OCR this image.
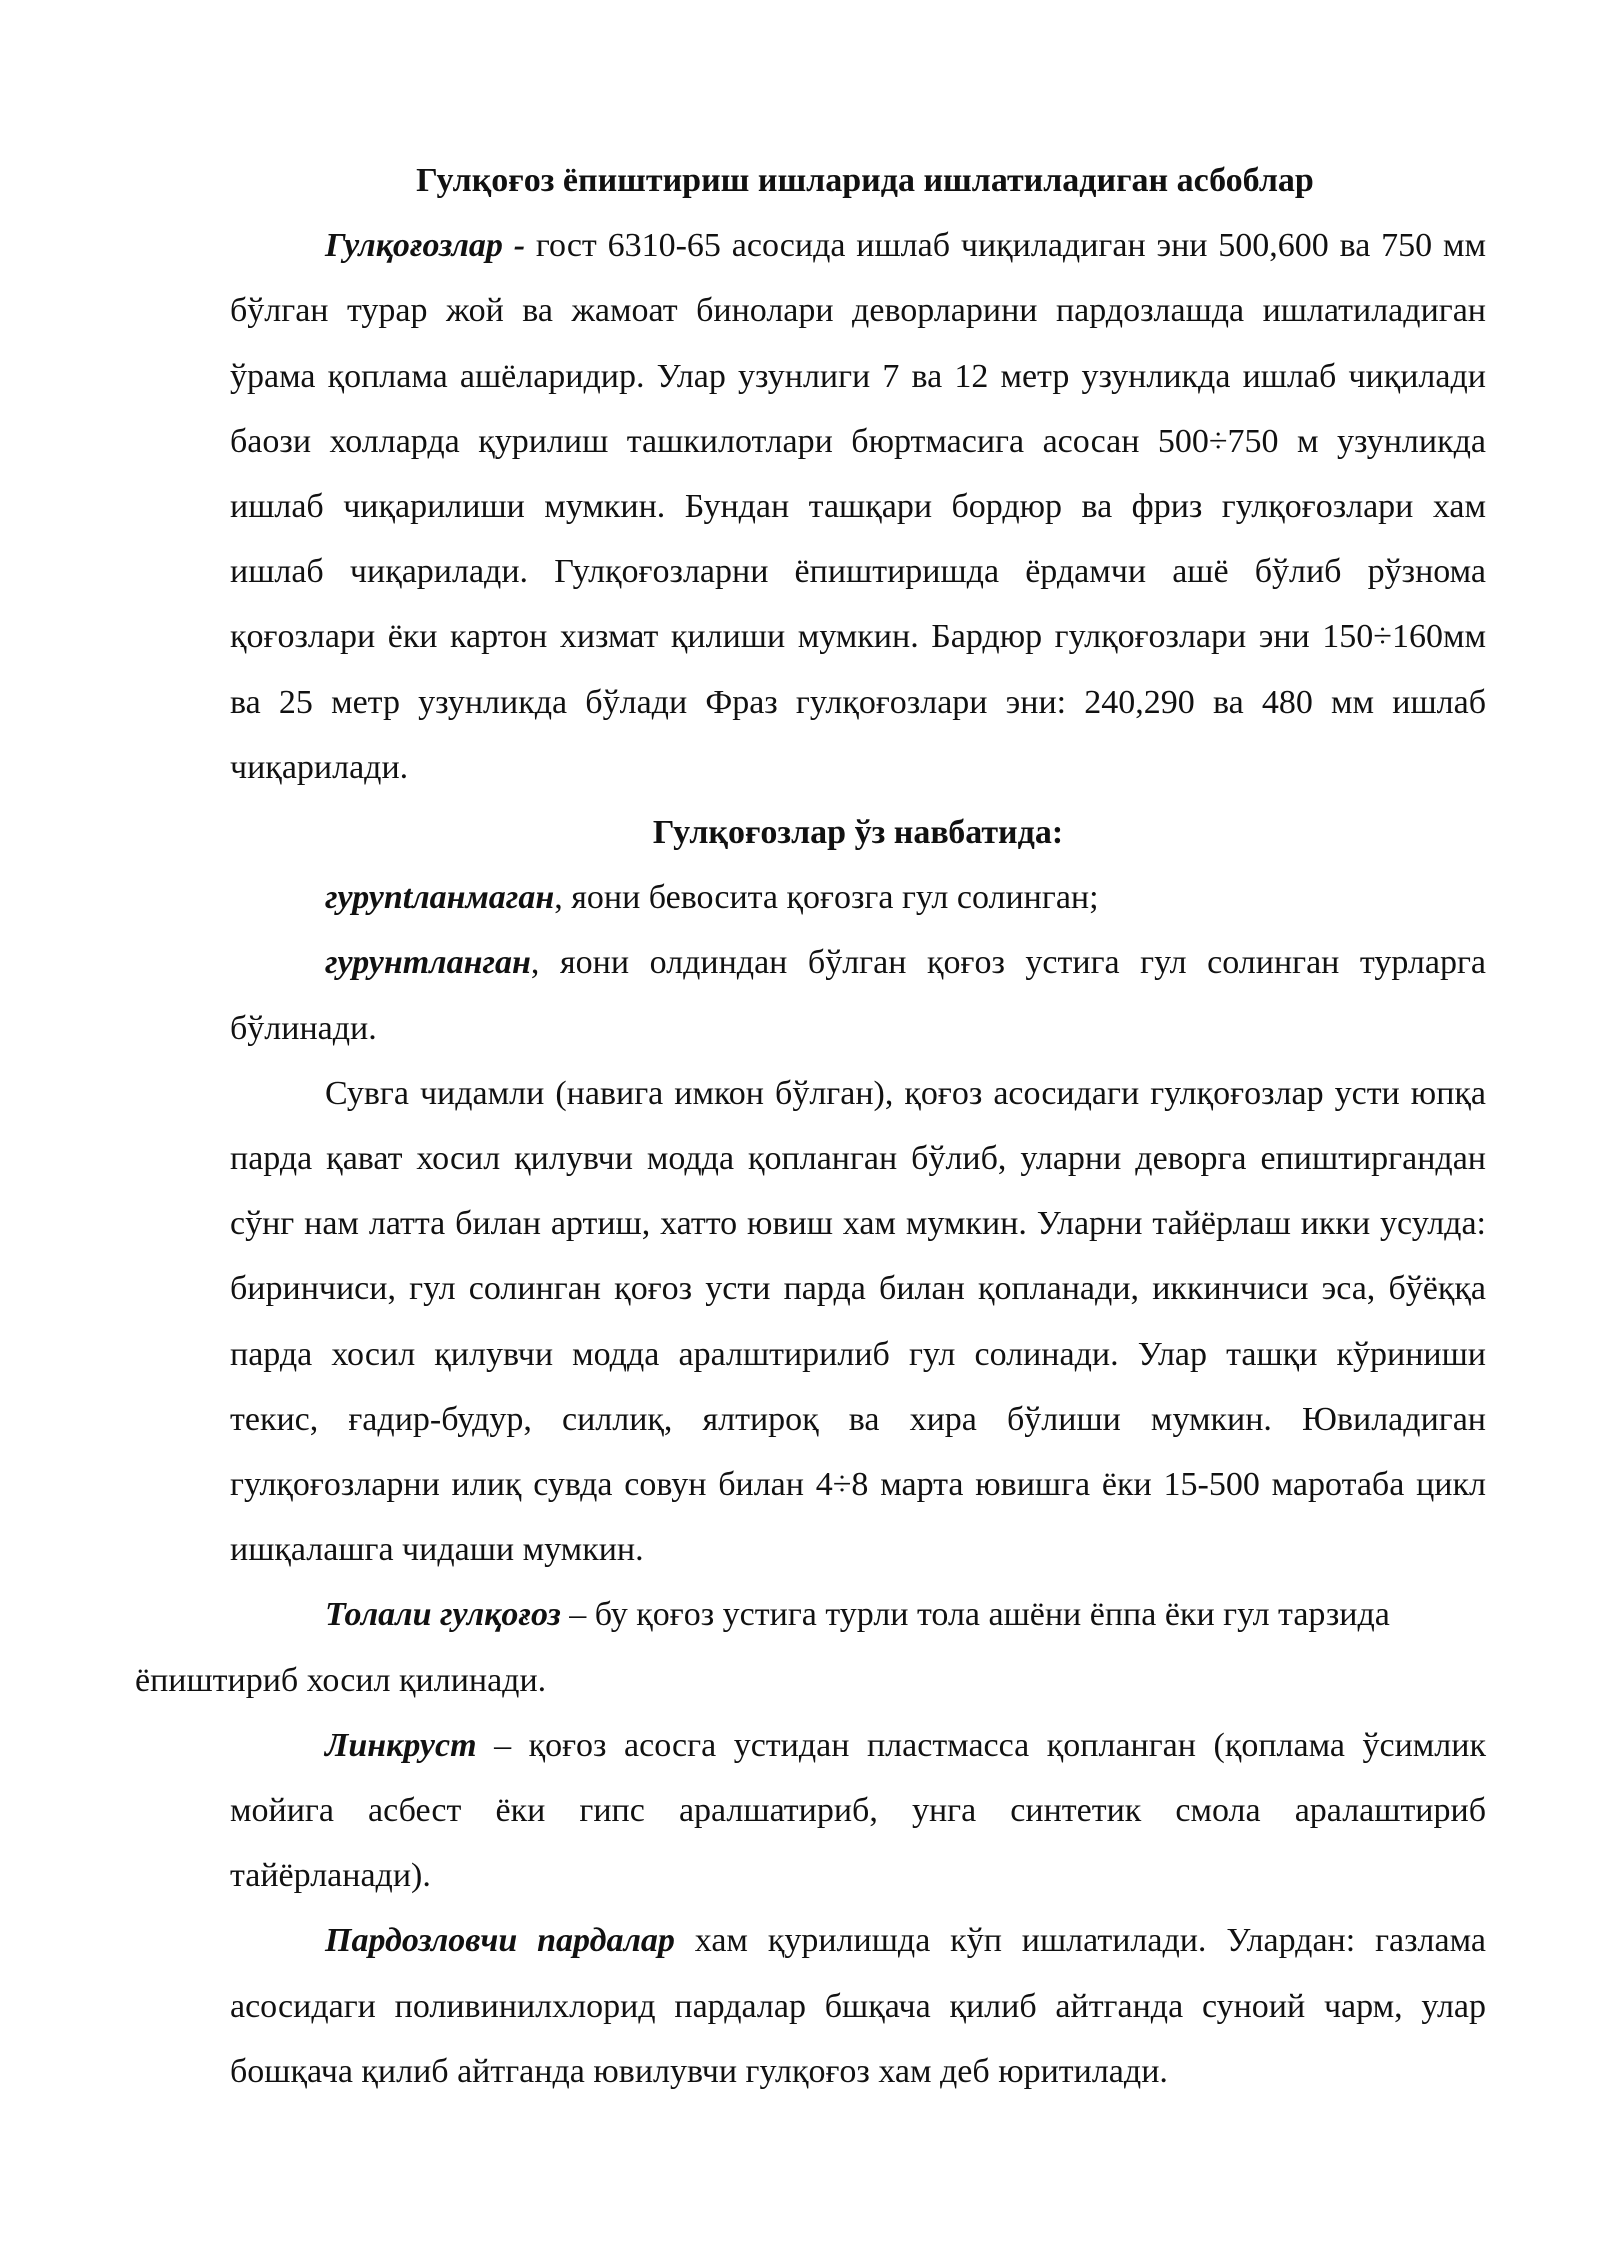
Гулқоғоз ёпиштириш ишларида ишлатиладиган асбоблар

Гулқоғозлар - гост 6310-65 асосида ишлаб чиқиладиган эни 500,600 ва 750 мм бўлган турар жой ва жамоат бинолари деворларини пардозлашда ишлатиладиган ўрама қоплама ашёларидир. Улар узунлиги 7 ва 12 метр узунликда ишлаб чиқилади баози холларда қурилиш ташкилотлари бюртмасига асосан 500÷750 м узунликда ишлаб чиқарилиши мумкин. Бундан ташқари бордюр ва фриз гулқоғозлари хам ишлаб чиқарилади. Гулқоғозларни ёпиштиришда ёрдамчи ашё бўлиб рўзнома қоғозлари ёки картон хизмат қилиши мумкин. Бардюр гулқоғозлари эни 150÷160мм ва 25 метр узунликда бўлади Фраз гулқоғозлари эни: 240,290 ва 480 мм ишлаб чиқарилади.

Гулқоғозлар ўз навбатида:

гуруntланмаган, яони бевосита қоғозга гул солинган;

гурунтланган, яони олдиндан бўлган қоғоз устига гул солинган турларга бўлинади.

Сувга чидамли (навига имкон бўлган), қоғоз асосидаги гулқоғозлар усти юпқа парда қават хосил қилувчи модда қопланган бўлиб, уларни деворга епиштиргандан сўнг нам латта билан артиш, хатто ювиш хам мумкин. Уларни тайёрлаш икки усулда: биринчиси, гул солинган қоғоз усти парда билан қопланади, иккинчиси эса, бўёққа парда хосил қилувчи модда аралштирилиб гул солинади. Улар ташқи кўриниши текис, ғадир-будур, силлиқ, ялтироқ ва хира бўлиши мумкин. Ювиладиган гулқоғозларни илиқ сувда совун билан 4÷8 марта ювишга ёки 15-500 маротаба цикл ишқалашга чидаши мумкин.

Толали гулқоғоз – бу қоғоз устига турли тола ашёни ёппа ёки гул тарзида
ёпиштириб хосил қилинади.

Линкруст – қоғоз асосга устидан пластмасса қопланган (қоплама ўсимлик мойига асбест ёки гипс аралшатириб, унга синтетик смола аралаштириб тайёрланади).

Пардозловчи пардалар хам қурилишда кўп ишлатилади. Улардан: газлама асосидаги поливинилхлорид пардалар бшқача қилиб айтганда суноий чарм, улар бошқача қилиб айтганда ювилувчи гулқоғоз хам деб юритилади.
